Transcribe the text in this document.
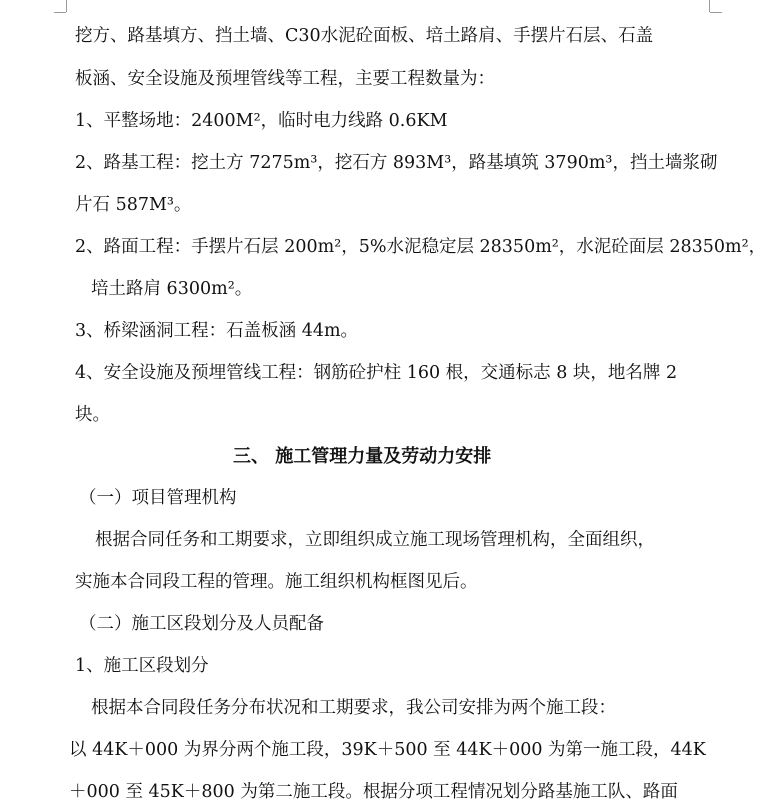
挖方、路基填方、挡土墙、C30水泥砼面板、培土路肩、手摆片石层、石盖
板涵、安全设施及预埋管线等工程，主要工程数量为：
1、平整场地：2400M²，临时电力线路 0.6KM
2、路基工程：挖土方 7275m³，挖石方 893M³，路基填筑 3790m³，挡土墙浆砌
片石 587M³。
2、路面工程：手摆片石层 200m²，5%水泥稳定层 28350m²，水泥砼面层 28350m²，
培土路肩 6300m²。
3、桥梁涵洞工程：石盖板涵 44m。
4、安全设施及预埋管线工程：钢筋砼护柱 160 根，交通标志 8 块，地名牌 2
块。
三、 施工管理力量及劳动力安排
（一）项目管理机构
根据合同任务和工期要求，立即组织成立施工现场管理机构，全面组织，
实施本合同段工程的管理。施工组织机构框图见后。
（二）施工区段划分及人员配备
1、施工区段划分
根据本合同段任务分布状况和工期要求，我公司安排为两个施工段：
以 44K＋000 为界分两个施工段，39K＋500 至 44K＋000 为第一施工段，44K
＋000 至 45K＋800 为第二施工段。根据分项工程情况划分路基施工队、路面
